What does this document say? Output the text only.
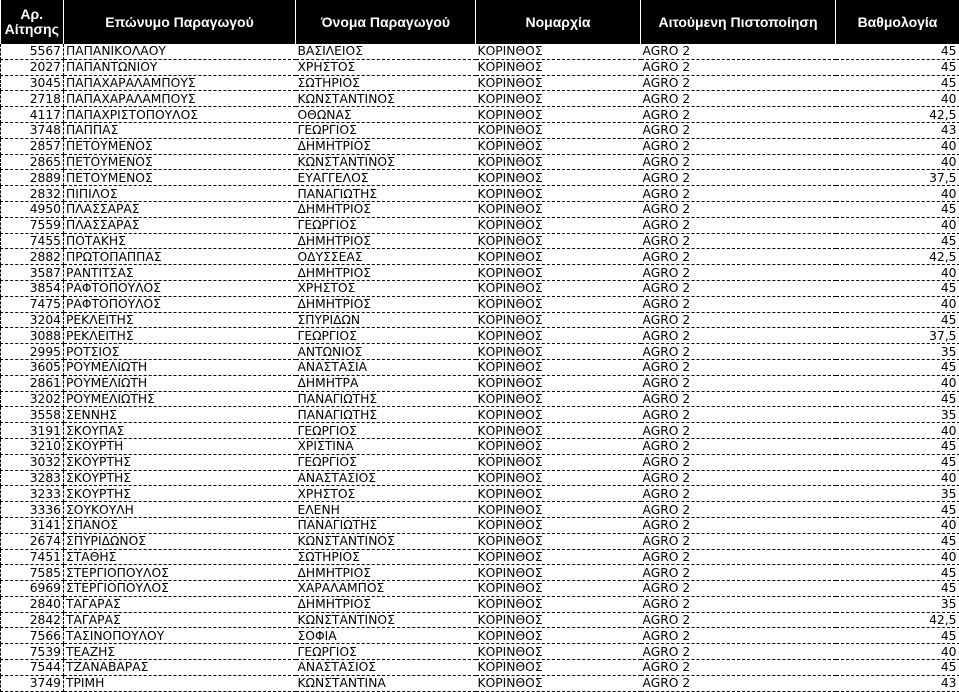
Αρ. Αίτησης	Επώνυμο Παραγωγού	Όνομα Παραγωγού	Νομαρχία	Αιτούμενη Πιστοποίηση	Βαθμολογία
5567	ΠΑΠΑΝΙΚΟΛΑΟΥ	ΒΑΣΙΛΕΙΟΣ	ΚΟΡΙΝΘΟΣ	AGRO 2	45
2027	ΠΑΠΑΝΤΩΝΙΟΥ	ΧΡΗΣΤΟΣ	ΚΟΡΙΝΘΟΣ	AGRO 2	45
3045	ΠΑΠΑΧΑΡΑΛΑΜΠΟΥΣ	ΣΩΤΗΡΙΟΣ	ΚΟΡΙΝΘΟΣ	AGRO 2	45
2718	ΠΑΠΑΧΑΡΑΛΑΜΠΟΥΣ	ΚΩΝΣΤΑΝΤΙΝΟΣ	ΚΟΡΙΝΘΟΣ	AGRO 2	40
4117	ΠΑΠΑΧΡΙΣΤΟΠΟΥΛΟΣ	ΟΘΩΝΑΣ	ΚΟΡΙΝΘΟΣ	AGRO 2	42,5
3748	ΠΑΠΠΑΣ	ΓΕΩΡΓΙΟΣ	ΚΟΡΙΝΘΟΣ	AGRO 2	43
2857	ΠΕΤΟΥΜΕΝΟΣ	ΔΗΜΗΤΡΙΟΣ	ΚΟΡΙΝΘΟΣ	AGRO 2	40
2865	ΠΕΤΟΥΜΕΝΟΣ	ΚΩΝΣΤΑΝΤΙΝΟΣ	ΚΟΡΙΝΘΟΣ	AGRO 2	40
2889	ΠΕΤΟΥΜΕΝΟΣ	ΕΥΑΓΓΕΛΟΣ	ΚΟΡΙΝΘΟΣ	AGRO 2	37,5
2832	ΠΙΠΙΛΟΣ	ΠΑΝΑΓΙΩΤΗΣ	ΚΟΡΙΝΘΟΣ	AGRO 2	40
4950	ΠΛΑΣΣΑΡΑΣ	ΔΗΜΗΤΡΙΟΣ	ΚΟΡΙΝΘΟΣ	AGRO 2	45
7559	ΠΛΑΣΣΑΡΑΣ	ΓΕΩΡΓΙΟΣ	ΚΟΡΙΝΘΟΣ	AGRO 2	40
7455	ΠΟΤΑΚΗΣ	ΔΗΜΗΤΡΙΟΣ	ΚΟΡΙΝΘΟΣ	AGRO 2	45
2882	ΠΡΩΤΟΠΑΠΠΑΣ	ΟΔΥΣΣΕΑΣ	ΚΟΡΙΝΘΟΣ	AGRO 2	42,5
3587	ΡΑΝΤΙΤΣΑΣ	ΔΗΜΗΤΡΙΟΣ	ΚΟΡΙΝΘΟΣ	AGRO 2	40
3854	ΡΑΦΤΟΠΟΥΛΟΣ	ΧΡΗΣΤΟΣ	ΚΟΡΙΝΘΟΣ	AGRO 2	45
7475	ΡΑΦΤΟΠΟΥΛΟΣ	ΔΗΜΗΤΡΙΟΣ	ΚΟΡΙΝΘΟΣ	AGRO 2	40
3204	ΡΕΚΛΕΙΤΗΣ	ΣΠΥΡΙΔΩΝ	ΚΟΡΙΝΘΟΣ	AGRO 2	45
3088	ΡΕΚΛΕΙΤΗΣ	ΓΕΩΡΓΙΟΣ	ΚΟΡΙΝΘΟΣ	AGRO 2	37,5
2995	ΡΟΤΣΙΟΣ	ΑΝΤΩΝΙΟΣ	ΚΟΡΙΝΘΟΣ	AGRO 2	35
3605	ΡΟΥΜΕΛΙΩΤΗ	ΑΝΑΣΤΑΣΙΑ	ΚΟΡΙΝΘΟΣ	AGRO 2	45
2861	ΡΟΥΜΕΛΙΩΤΗ	ΔΗΜΗΤΡΑ	ΚΟΡΙΝΘΟΣ	AGRO 2	40
3202	ΡΟΥΜΕΛΙΩΤΗΣ	ΠΑΝΑΓΙΩΤΗΣ	ΚΟΡΙΝΘΟΣ	AGRO 2	45
3558	ΣΕΝΝΗΣ	ΠΑΝΑΓΙΩΤΗΣ	ΚΟΡΙΝΘΟΣ	AGRO 2	35
3191	ΣΚΟΥΠΑΣ	ΓΕΩΡΓΙΟΣ	ΚΟΡΙΝΘΟΣ	AGRO 2	40
3210	ΣΚΟΥΡΤΗ	ΧΡΙΣΤΙΝΑ	ΚΟΡΙΝΘΟΣ	AGRO 2	45
3032	ΣΚΟΥΡΤΗΣ	ΓΕΩΡΓΙΟΣ	ΚΟΡΙΝΘΟΣ	AGRO 2	45
3283	ΣΚΟΥΡΤΗΣ	ΑΝΑΣΤΑΣΙΟΣ	ΚΟΡΙΝΘΟΣ	AGRO 2	40
3233	ΣΚΟΥΡΤΗΣ	ΧΡΗΣΤΟΣ	ΚΟΡΙΝΘΟΣ	AGRO 2	35
3336	ΣΟΥΚΟΥΛΗ	ΕΛΕΝΗ	ΚΟΡΙΝΘΟΣ	AGRO 2	45
3141	ΣΠΑΝΟΣ	ΠΑΝΑΓΙΩΤΗΣ	ΚΟΡΙΝΘΟΣ	AGRO 2	40
2674	ΣΠΥΡΙΔΩΝΟΣ	ΚΩΝΣΤΑΝΤΙΝΟΣ	ΚΟΡΙΝΘΟΣ	AGRO 2	45
7451	ΣΤΑΘΗΣ	ΣΩΤΗΡΙΟΣ	ΚΟΡΙΝΘΟΣ	AGRO 2	40
7585	ΣΤΕΡΓΙΟΠΟΥΛΟΣ	ΔΗΜΗΤΡΙΟΣ	ΚΟΡΙΝΘΟΣ	AGRO 2	45
6969	ΣΤΕΡΓΙΟΠΟΥΛΟΣ	ΧΑΡΑΛΑΜΠΟΣ	ΚΟΡΙΝΘΟΣ	AGRO 2	45
2840	ΤΑΓΑΡΑΣ	ΔΗΜΗΤΡΙΟΣ	ΚΟΡΙΝΘΟΣ	AGRO 2	35
2842	ΤΑΓΑΡΑΣ	ΚΩΝΣΤΑΝΤΙΝΟΣ	ΚΟΡΙΝΘΟΣ	AGRO 2	42,5
7566	ΤΑΣΙΝΟΠΟΥΛΟΥ	ΣΟΦΙΑ	ΚΟΡΙΝΘΟΣ	AGRO 2	45
7539	ΤΕΑΖΗΣ	ΓΕΩΡΓΙΟΣ	ΚΟΡΙΝΘΟΣ	AGRO 2	40
7544	ΤΖΑΝΑΒΑΡΑΣ	ΑΝΑΣΤΑΣΙΟΣ	ΚΟΡΙΝΘΟΣ	AGRO 2	45
3749	ΤΡΙΜΗ	ΚΩΝΣΤΑΝΤΙΝΑ	ΚΟΡΙΝΘΟΣ	AGRO 2	43
